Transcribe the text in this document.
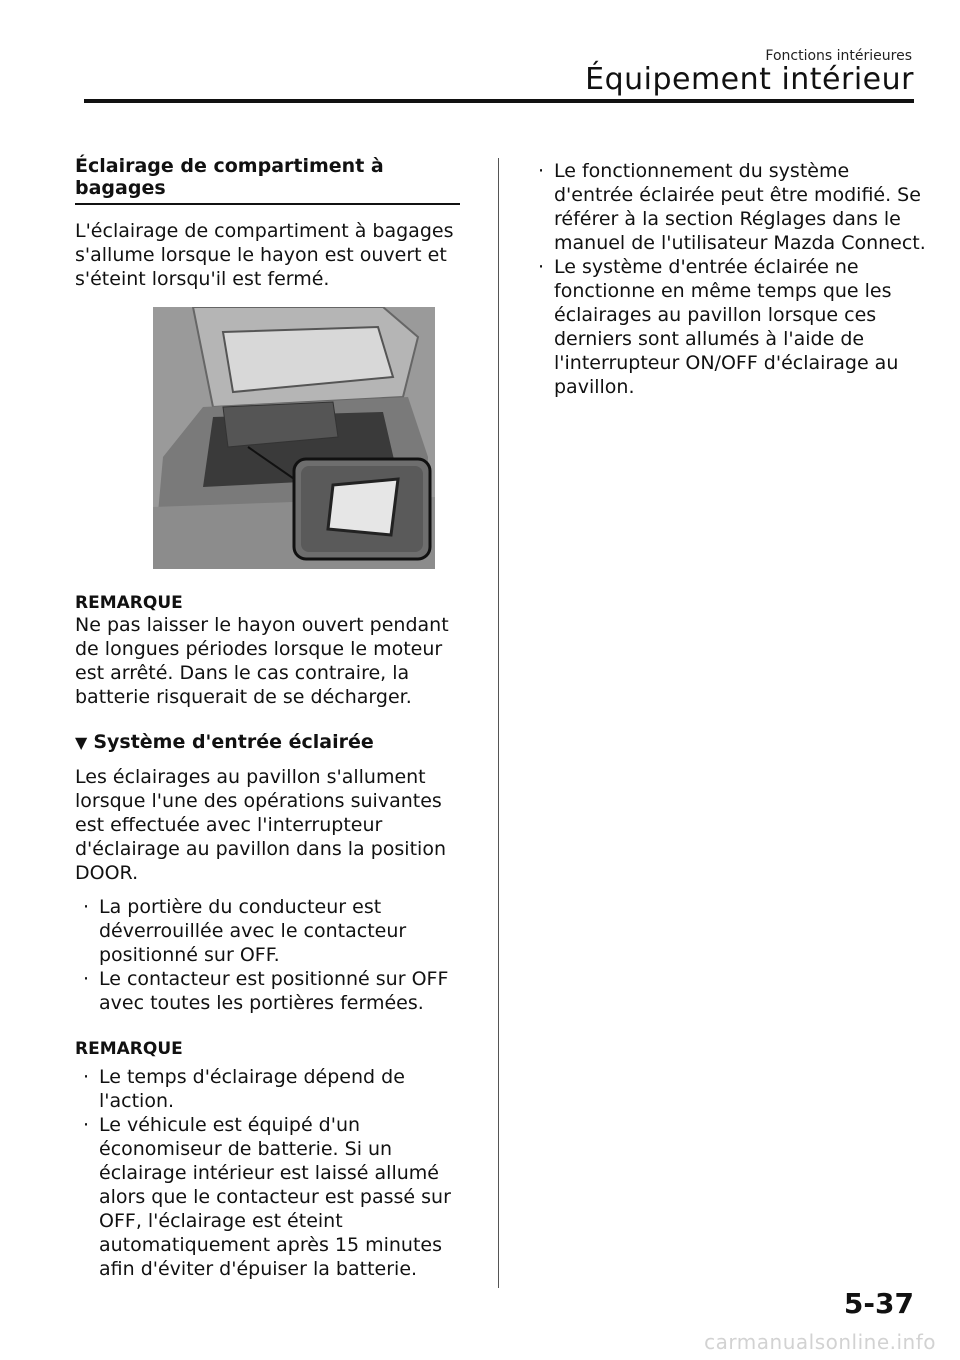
Fonctions intérieures
Équipement intérieur
Éclairage de compartiment à bagages

L'éclairage de compartiment à bagages s'allume lorsque le hayon est ouvert et s'éteint lorsqu'il est fermé.

REMARQUE

Ne pas laisser le hayon ouvert pendant de longues périodes lorsque le moteur est arrêté. Dans le cas contraire, la batterie risquerait de se décharger.

▼ Système d'entrée éclairée

Les éclairages au pavillon s'allument lorsque l'une des opérations suivantes est effectuée avec l'interrupteur d'éclairage au pavillon dans la position DOOR.

· La portière du conducteur est déverrouillée avec le contacteur positionné sur OFF.
· Le contacteur est positionné sur OFF avec toutes les portières fermées.

REMARQUE

· Le temps d'éclairage dépend de l'action.
· Le véhicule est équipé d'un économiseur de batterie. Si un éclairage intérieur est laissé allumé alors que le contacteur est passé sur OFF, l'éclairage est éteint automatiquement après 15 minutes afin d'éviter d'épuiser la batterie.
· Le fonctionnement du système d'entrée éclairée peut être modifié. Se référer à la section Réglages dans le manuel de l'utilisateur Mazda Connect.
· Le système d'entrée éclairée ne fonctionne en même temps que les éclairages au pavillon lorsque ces derniers sont allumés à l'aide de l'interrupteur ON/OFF d'éclairage au pavillon.
5-37
carmanualsonline.info
